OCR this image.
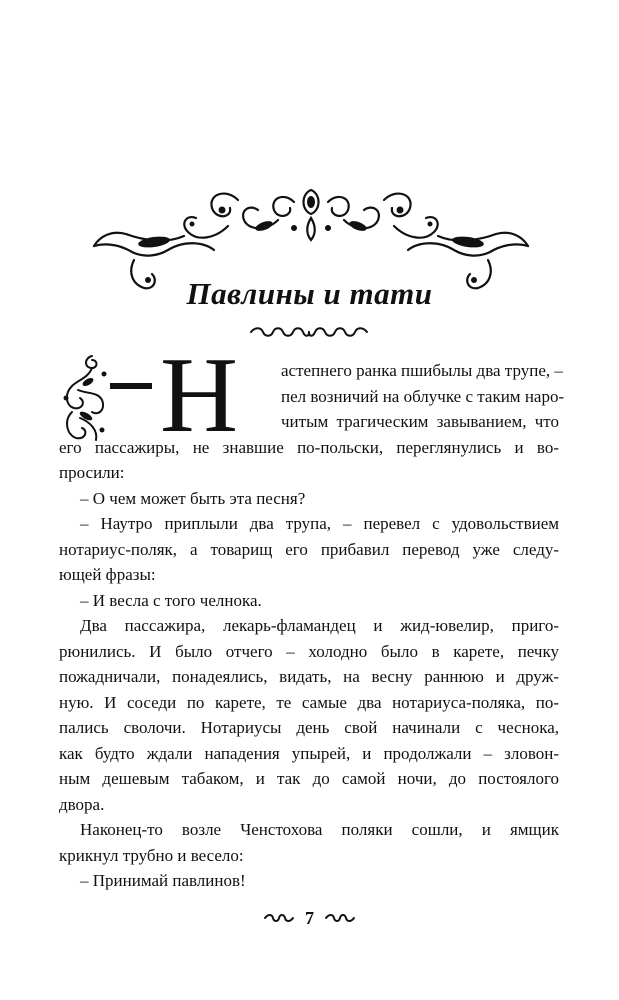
Павлины и тати
Н	астепнего ранка пшибылы два трупе, –
пел возничий на облучке с таким наро-
читым трагическим завыванием, что
его пассажиры, не знавшие по-польски, переглянулись и во-
просили:
– О чем может быть эта песня?
– Наутро приплыли два трупа, – перевел с удовольствием
нотариус-поляк, а товарищ его прибавил перевод уже следу-
ющей фразы:
– И весла с того челнока.
Два пассажира, лекарь-фламандец и жид-ювелир, приго-
рюнились. И было отчего – холодно было в карете, печку
пожадничали, понадеялись, видать, на весну раннюю и друж-
ную. И соседи по карете, те самые два нотариуса-поляка, по-
пались сволочи. Нотариусы день свой начинали с чеснока,
как будто ждали нападения упырей, и продолжали – зловон-
ным дешевым табаком, и так до самой ночи, до постоялого
двора.
Наконец-то возле Ченстохова поляки сошли, и ямщик
крикнул трубно и весело:
– Принимай павлинов!
7
